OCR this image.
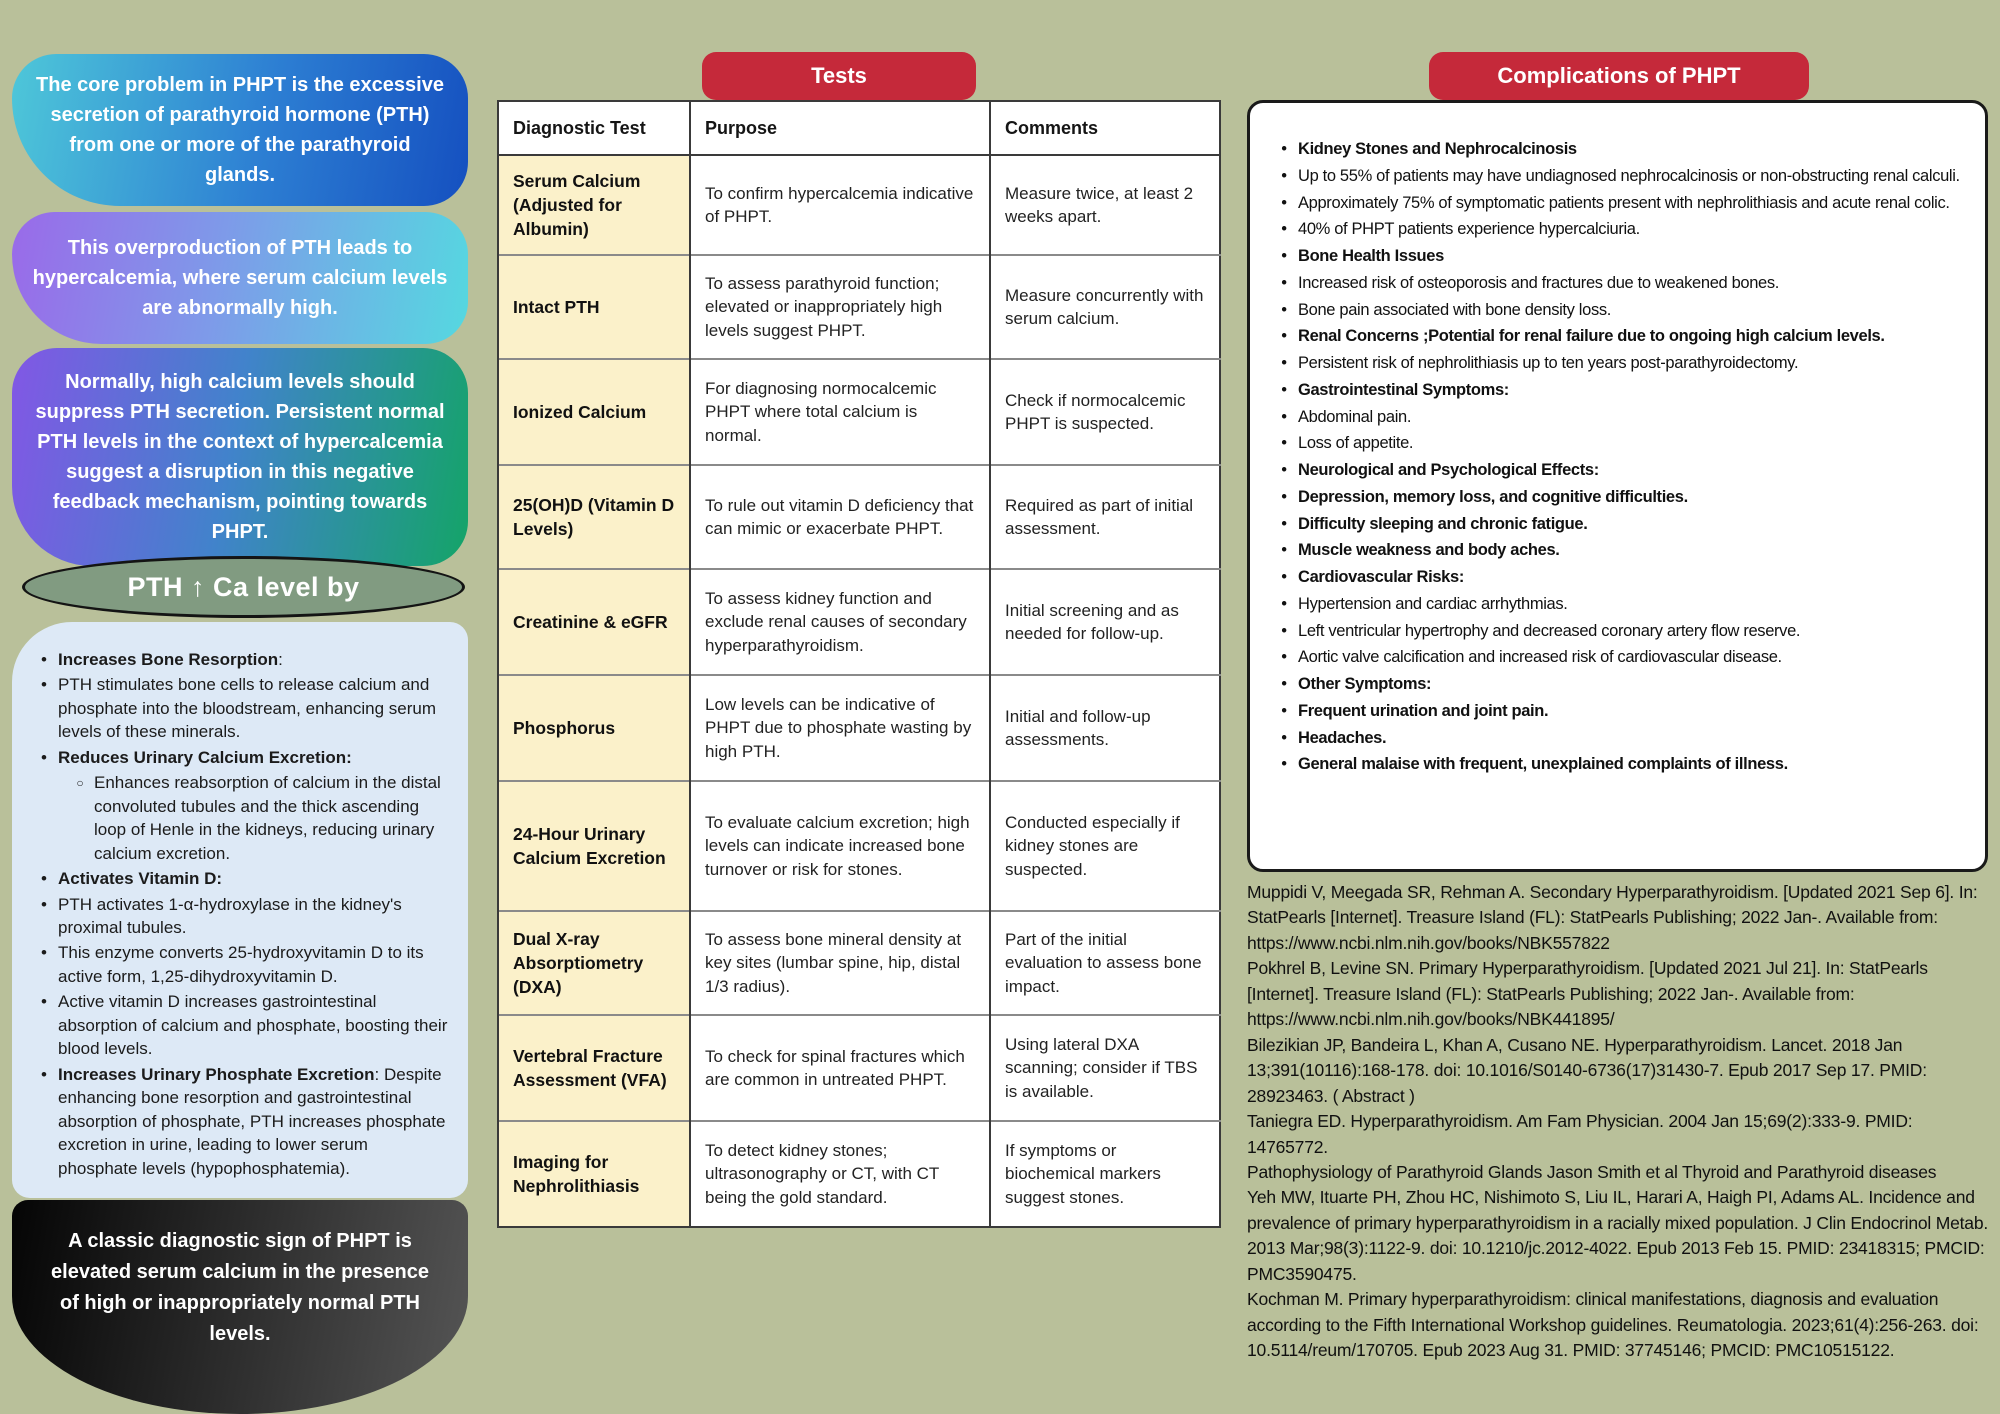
The core problem in PHPT is the excessive secretion of parathyroid hormone (PTH) from one or more of the parathyroid glands.
This overproduction of PTH leads to hypercalcemia, where serum calcium levels are abnormally high.
Normally, high calcium levels should suppress PTH secretion. Persistent normal PTH levels in the context of hypercalcemia suggest a disruption in this negative feedback mechanism, pointing towards PHPT.
PTH ↑ Ca level by
•
Increases Bone Resorption:
•
PTH stimulates bone cells to release calcium and phosphate into the bloodstream, enhancing serum levels of these minerals.
•
Reduces Urinary Calcium Excretion:
○
Enhances reabsorption of calcium in the distal convoluted tubules and the thick ascending loop of Henle in the kidneys, reducing urinary calcium excretion.
•
Activates Vitamin D:
•
PTH activates 1-α-hydroxylase in the kidney's proximal tubules.
•
This enzyme converts 25-hydroxyvitamin D to its active form, 1,25-dihydroxyvitamin D.
•
Active vitamin D increases gastrointestinal absorption of calcium and phosphate, boosting their blood levels.
•
Increases Urinary Phosphate Excretion: Despite enhancing bone resorption and gastrointestinal absorption of phosphate, PTH increases phosphate excretion in urine, leading to lower serum phosphate levels (hypophosphatemia).
A classic diagnostic sign of PHPT is elevated serum calcium in the presence of high or inappropriately normal PTH levels.
Tests
Diagnostic Test	Purpose	Comments
Serum Calcium (Adjusted for Albumin)	To confirm hypercalcemia indicative of PHPT.	Measure twice, at least 2 weeks apart.
Intact PTH	To assess parathyroid function; elevated or inappropriately high levels suggest PHPT.	Measure concurrently with serum calcium.
Ionized Calcium	For diagnosing normocalcemic PHPT where total calcium is normal.	Check if normocalcemic PHPT is suspected.
25(OH)D (Vitamin D Levels)	To rule out vitamin D deficiency that can mimic or exacerbate PHPT.	Required as part of initial assessment.
Creatinine & eGFR	To assess kidney function and exclude renal causes of secondary hyperparathyroidism.	Initial screening and as needed for follow-up.
Phosphorus	Low levels can be indicative of PHPT due to phosphate wasting by high PTH.	Initial and follow-up assessments.
24-Hour Urinary Calcium Excretion	To evaluate calcium excretion; high levels can indicate increased bone turnover or risk for stones.	Conducted especially if kidney stones are suspected.
Dual X-ray Absorptiometry (DXA)	To assess bone mineral density at key sites (lumbar spine, hip, distal 1/3 radius).	Part of the initial evaluation to assess bone impact.
Vertebral Fracture Assessment (VFA)	To check for spinal fractures which are common in untreated PHPT.	Using lateral DXA scanning; consider if TBS is available.
Imaging for Nephrolithiasis	To detect kidney stones; ultrasonography or CT, with CT being the gold standard.	If symptoms or biochemical markers suggest stones.
Complications of PHPT
•
Kidney Stones and Nephrocalcinosis
•
Up to 55% of patients may have undiagnosed nephrocalcinosis or non-obstructing renal calculi.
•
Approximately 75% of symptomatic patients present with nephrolithiasis and acute renal colic.
•
40% of PHPT patients experience hypercalciuria.
•
Bone Health Issues
•
Increased risk of osteoporosis and fractures due to weakened bones.
•
Bone pain associated with bone density loss.
•
Renal Concerns ;Potential for renal failure due to ongoing high calcium levels.
•
Persistent risk of nephrolithiasis up to ten years post-parathyroidectomy.
•
Gastrointestinal Symptoms:
•
Abdominal pain.
•
Loss of appetite.
•
Neurological and Psychological Effects:
•
Depression, memory loss, and cognitive difficulties.
•
Difficulty sleeping and chronic fatigue.
•
Muscle weakness and body aches.
•
Cardiovascular Risks:
•
Hypertension and cardiac arrhythmias.
•
Left ventricular hypertrophy and decreased coronary artery flow reserve.
•
Aortic valve calcification and increased risk of cardiovascular disease.
•
Other Symptoms:
•
Frequent urination and joint pain.
•
Headaches.
•
General malaise with frequent, unexplained complaints of illness.

Muppidi V, Meegada SR, Rehman A. Secondary Hyperparathyroidism. [Updated 2021 Sep 6]. In: StatPearls [Internet]. Treasure Island (FL): StatPearls Publishing; 2022 Jan-. Available from: https://www.ncbi.nlm.nih.gov/books/NBK557822

Pokhrel B, Levine SN. Primary Hyperparathyroidism. [Updated 2021 Jul 21]. In: StatPearls [Internet]. Treasure Island (FL): StatPearls Publishing; 2022 Jan-. Available from: https://www.ncbi.nlm.nih.gov/books/NBK441895/

Bilezikian JP, Bandeira L, Khan A, Cusano NE. Hyperparathyroidism. Lancet. 2018 Jan 13;391(10116):168-178. doi: 10.1016/S0140-6736(17)31430-7. Epub 2017 Sep 17. PMID: 28923463. ( Abstract )

Taniegra ED. Hyperparathyroidism. Am Fam Physician. 2004 Jan 15;69(2):333-9. PMID: 14765772.

Pathophysiology of Parathyroid Glands Jason Smith et al Thyroid and Parathyroid diseases

Yeh MW, Ituarte PH, Zhou HC, Nishimoto S, Liu IL, Harari A, Haigh PI, Adams AL. Incidence and prevalence of primary hyperparathyroidism in a racially mixed population. J Clin Endocrinol Metab. 2013 Mar;98(3):1122-9. doi: 10.1210/jc.2012-4022. Epub 2013 Feb 15. PMID: 23418315; PMCID: PMC3590475.

Kochman M. Primary hyperparathyroidism: clinical manifestations, diagnosis and evaluation according to the Fifth International Workshop guidelines. Reumatologia. 2023;61(4):256-263. doi: 10.5114/reum/170705. Epub 2023 Aug 31. PMID: 37745146; PMCID: PMC10515122.
